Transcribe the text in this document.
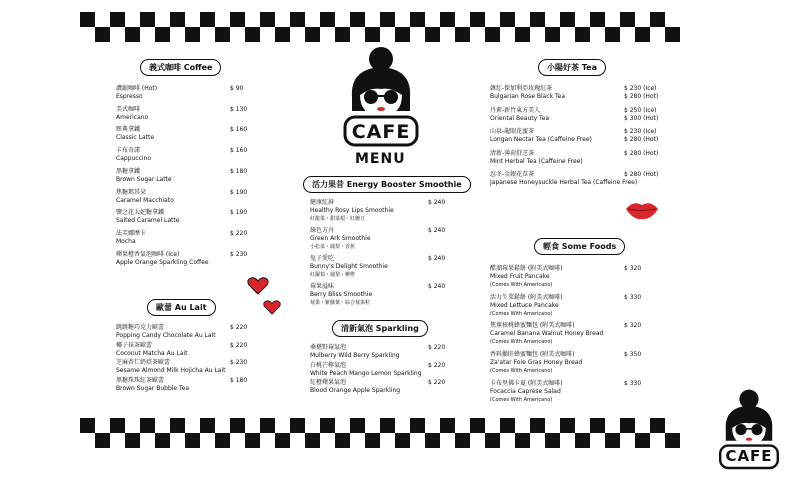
CAFE
MENU
CAFE
義式咖啡 Coffee
濃縮咖啡 (Hot)
Espresso
$ 90
美式咖啡
Americano
$ 130
經典拿鐵
Classic Latte
$ 160
卡布奇諾
Cappuccino
$ 160
黑糖拿鐵
Brown Sugar Latte
$ 180
焦糖瑪其朵
Caramel Macchiato
$ 190
鹽之花太妃糖拿鐵
Salted Caramel Latte
$ 190
法芙娜摩卡
Mocha
$ 220
蘋果橙香氣泡咖啡 (Ice)
Apple Orange Sparkling Coffee
$ 230
歐蕾 Au Lait
跳跳糖巧克力歐蕾
Popping Candy Chocolate Au Lait
$ 220
椰子抹茶歐蕾
Coconut Matcha Au Lait
$ 220
芝麻杏仁奶焙茶歐蕾
Sesame Almond Milk Hojicha Au Lait
$ 230
黑糖珠珠紅茶歐蕾
Brown Sugar Bubble Tea
$ 180
活力果昔 Energy Booster Smoothie
健康紅唇
Healthy Rosy Lips Smoothie
紅龍果・甜菜根・紅腰豆
$ 240
綠色方舟
Green Ark Smoothie
小松菜・鳳梨・香蕉
$ 240
兔子愛吃
Bunny's Delight Smoothie
紅蘿蔔・鳳梨・柳橙
$ 240
莓果溢味
Berry Bliss Smoothie
莓果・紫蘇葉・綜合莓果粒
$ 240
清新氣泡 Sparkling
桑椹野莓氣泡
Mulberry Wild Berry Sparkling
$ 220
白桃芒檸氣泡
White Peach Mango Lemon Sparkling
$ 220
紅橙蘋果氣泡
Blood Orange Apple Sparkling
$ 220
小陽好茶 Tea
韓紅-保加利亞玫瑰紅茶
Bulgarian Rose Black Tea
$ 230 (Ice)
$ 280 (Hot)
丹素-新竹東方美人
Oriental Beauty Tea
$ 250 (Ice)
$ 300 (Hot)
山泉-龍眼花蜜茶
Longan Nectar Tea (Caffeine Free)
$ 230 (Ice)
$ 280 (Hot)
清新-薄荷舒芝茶
Mint Herbal Tea (Caffeine Free)
$ 280 (Hot)
忍冬-金銀花草茶
Japanese Honeysuckle Herbal Tea (Caffeine Free)
$ 280 (Hot)
輕食 Some Foods
醋溜莓果鬆餅 (附美式咖啡)
Mixed Fruit Pancake
(Comes With Americano)
$ 320
活力生菜鬆餅 (附美式咖啡)
Mixed Lettuce Pancake
(Comes With Americano)
$ 330
焦蕉核桃蜂蜜麵包 (附美式咖啡)
Caramel Banana Walnut Honey Bread
(Comes With Americano)
$ 320
香料鵝肝蜂蜜麵包 (附美式咖啡)
Za'atar Foie Gras Honey Bread
(Comes With Americano)
$ 350
卡布里佛卡夏 (附美式咖啡)
Focaccia Caprese Salad
(Comes With Americano)
$ 330
